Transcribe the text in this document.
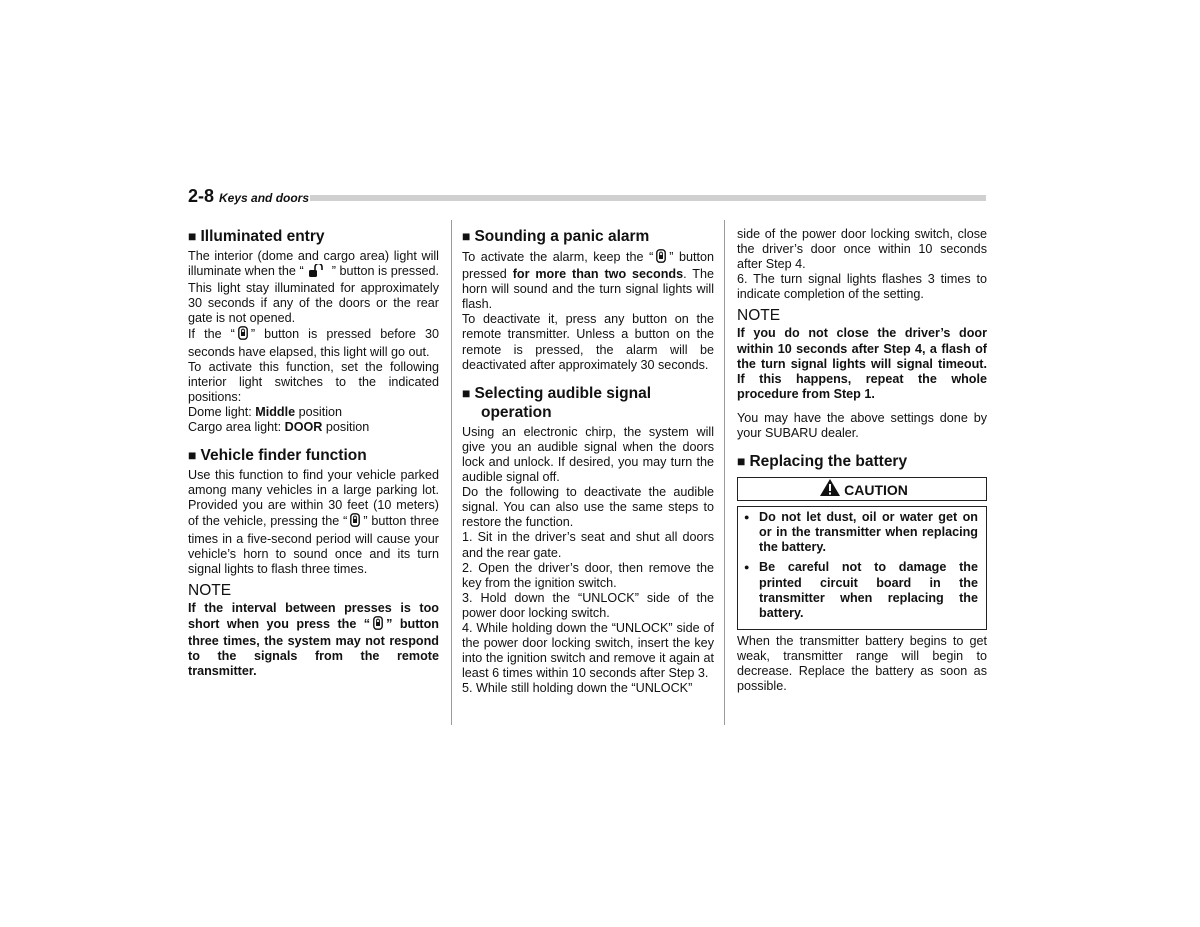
2-8 Keys and doors
■ Illuminated entry

The interior (dome and cargo area) light will illuminate when the “ ” button is pressed. This light stay illuminated for approximately 30 seconds if any of the doors or the rear gate is not opened.

If the “ ” button is pressed before 30 seconds have elapsed, this light will go out.

To activate this function, set the following interior light switches to the indicated positions:

Dome light: Middle position

Cargo area light: DOOR position

■ Vehicle finder function

Use this function to find your vehicle parked among many vehicles in a large parking lot. Provided you are within 30 feet (10 meters) of the vehicle, pressing the “ ” button three times in a five-second period will cause your vehicle’s horn to sound once and its turn signal lights to flash three times.

NOTE

If the interval between presses is too short when you press the “ ” button three times, the system may not respond to the signals from the remote transmitter.

■ Sounding a panic alarm

To activate the alarm, keep the “ ” button pressed for more than two seconds. The horn will sound and the turn signal lights will flash.

To deactivate it, press any button on the remote transmitter. Unless a button on the remote is pressed, the alarm will be deactivated after approximately 30 seconds.

■ Selecting audible signal operation

Using an electronic chirp, the system will give you an audible signal when the doors lock and unlock. If desired, you may turn the audible signal off.

Do the following to deactivate the audible signal. You can also use the same steps to restore the function.

1. Sit in the driver’s seat and shut all doors and the rear gate.

2. Open the driver’s door, then remove the key from the ignition switch.

3. Hold down the “UNLOCK” side of the power door locking switch.

4. While holding down the “UNLOCK” side of the power door locking switch, insert the key into the ignition switch and remove it again at least 6 times within 10 seconds after Step 3.

5. While still holding down the “UNLOCK”

side of the power door locking switch, close the driver’s door once within 10 seconds after Step 4.

6. The turn signal lights flashes 3 times to indicate completion of the setting.

NOTE

If you do not close the driver’s door within 10 seconds after Step 4, a flash of the turn signal lights will signal timeout. If this happens, repeat the whole procedure from Step 1.

You may have the above settings done by your SUBARU dealer.

■ Replacing the battery
CAUTION
● Do not let dust, oil or water get on or in the transmitter when replacing the battery.
● Be careful not to damage the printed circuit board in the transmitter when replacing the battery.

When the transmitter battery begins to get weak, transmitter range will begin to decrease. Replace the battery as soon as possible.
